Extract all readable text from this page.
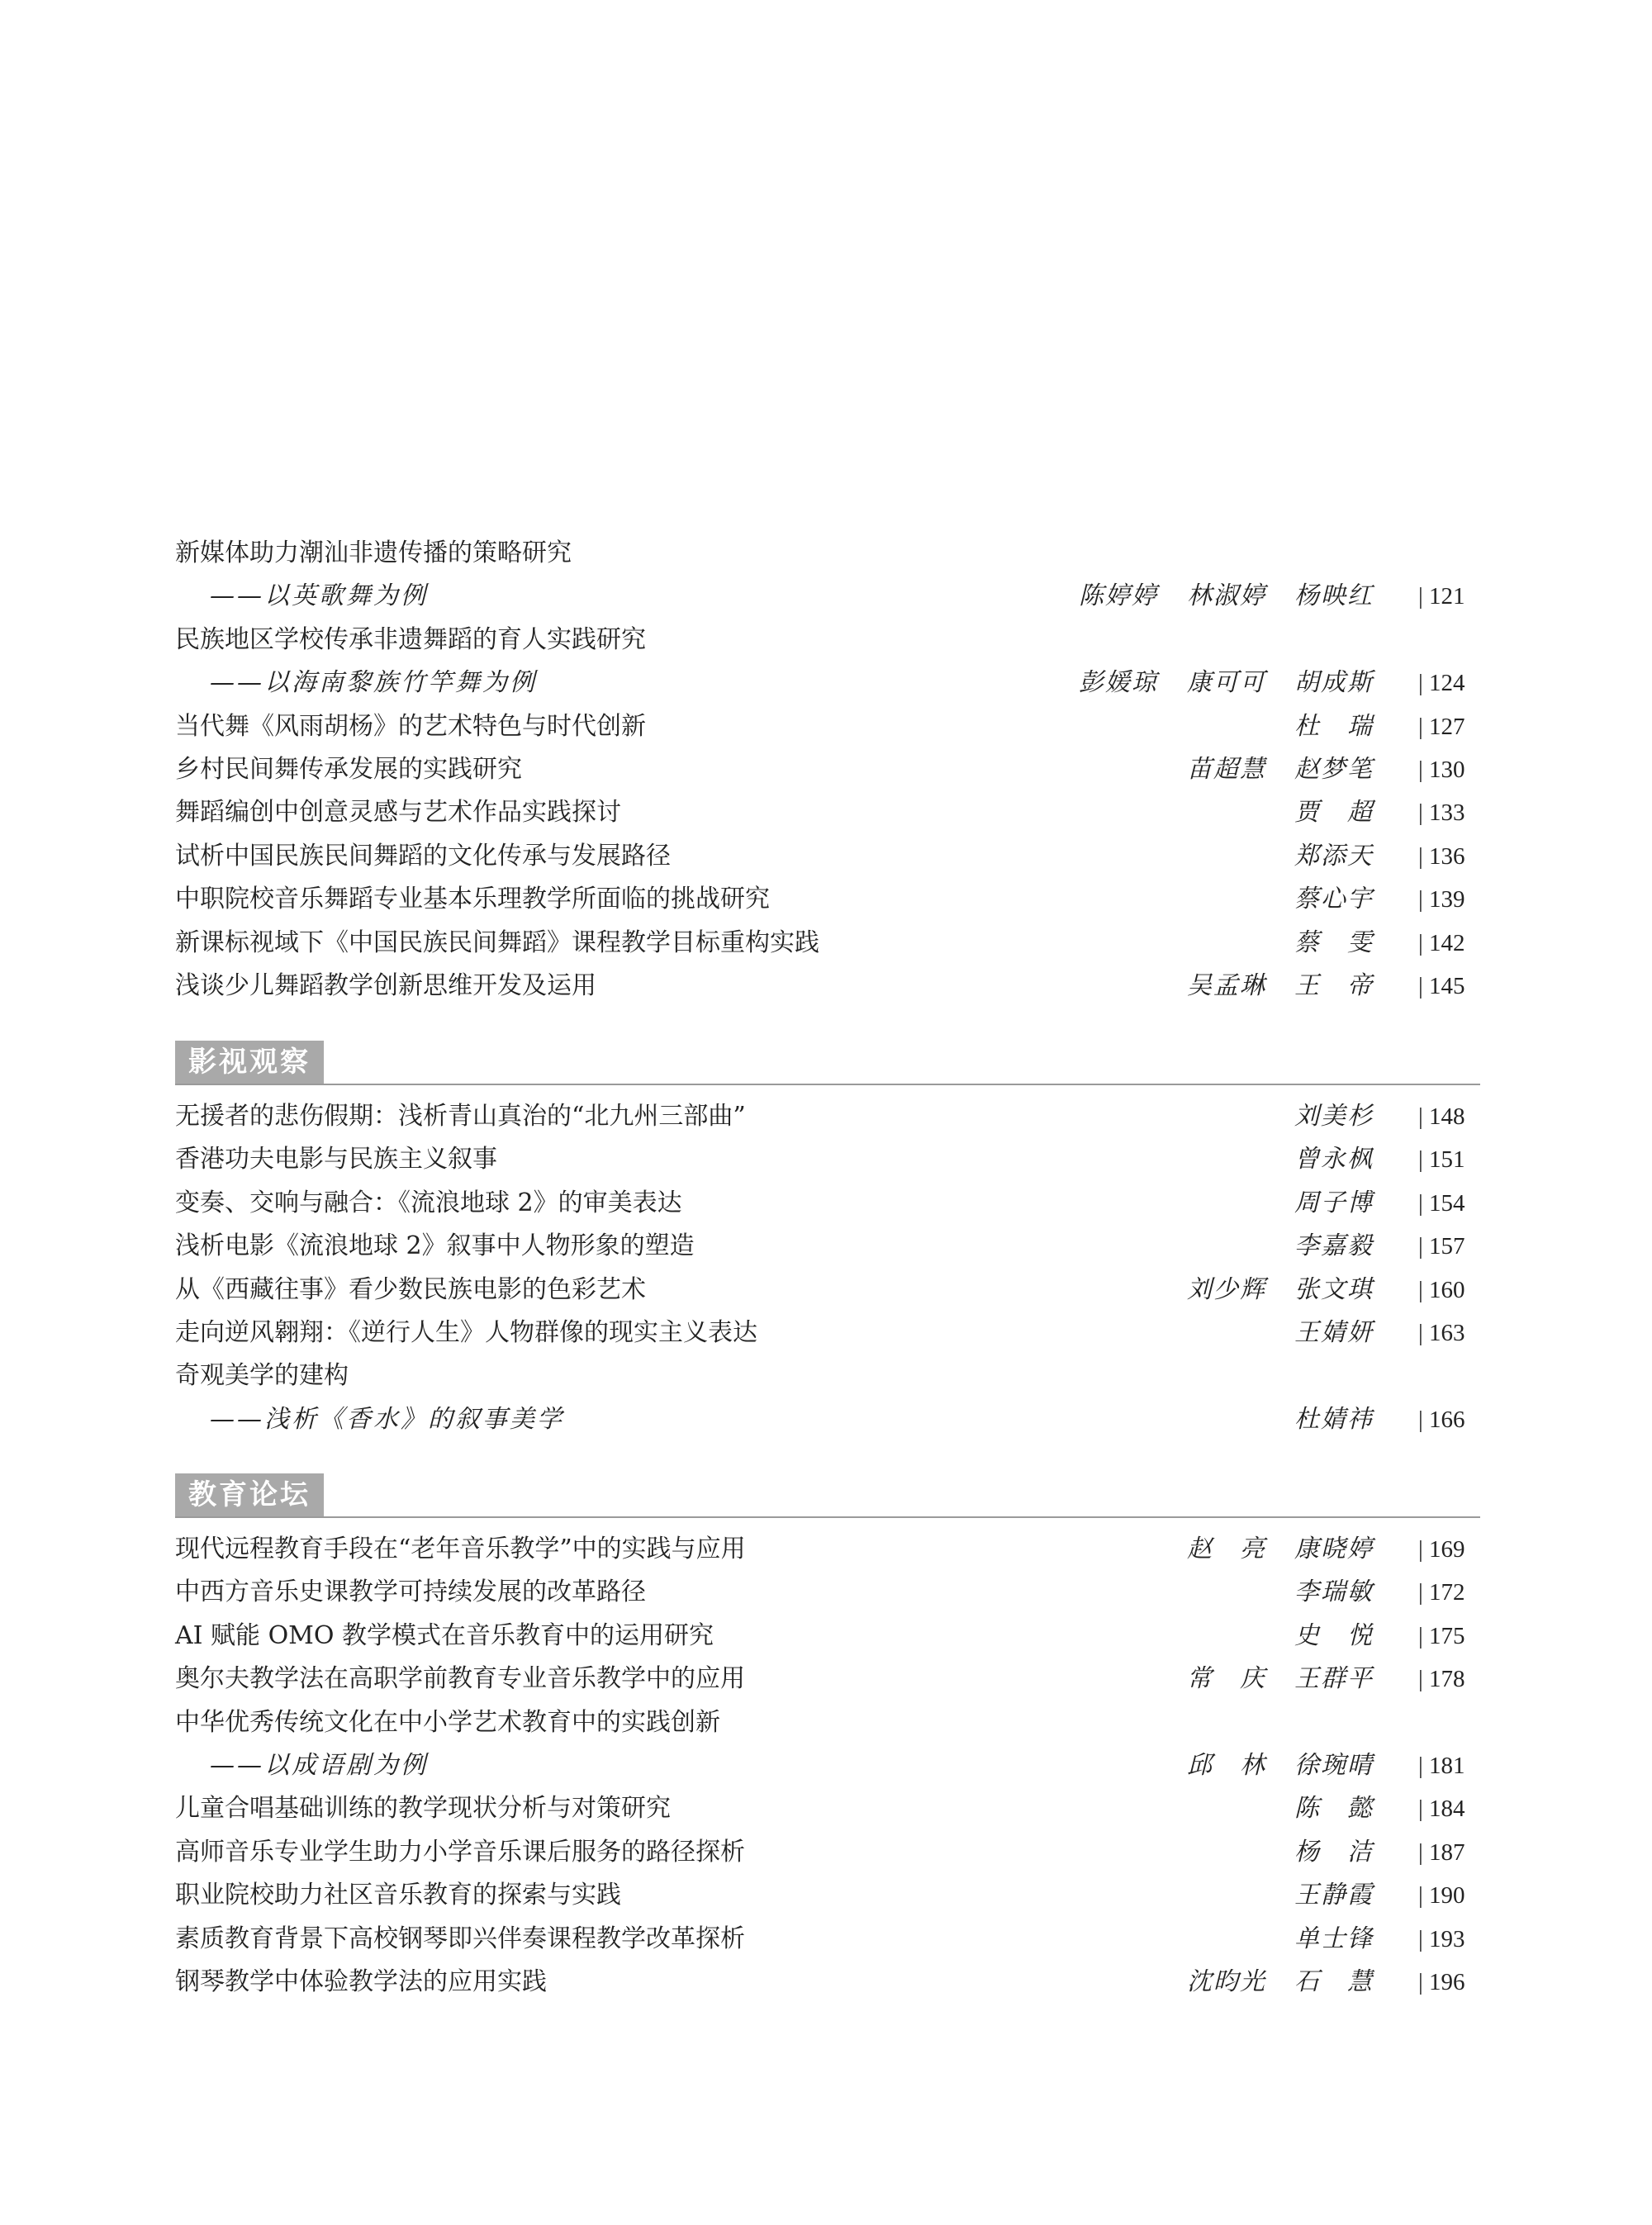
新媒体助力潮汕非遗传播的策略研究
——以英歌舞为例	陈婷婷 林淑婷 杨映红 | 121
民族地区学校传承非遗舞蹈的育人实践研究
——以海南黎族竹竿舞为例	彭媛琼 康可可 胡成斯 | 124
当代舞《风雨胡杨》的艺术特色与时代创新	杜　瑞 | 127
乡村民间舞传承发展的实践研究	苗超慧 赵梦笔 | 130
舞蹈编创中创意灵感与艺术作品实践探讨	贾　超 | 133
试析中国民族民间舞蹈的文化传承与发展路径	郑添天 | 136
中职院校音乐舞蹈专业基本乐理教学所面临的挑战研究	蔡心宇 | 139
新课标视域下《中国民族民间舞蹈》课程教学目标重构实践	蔡　雯 | 142
浅谈少儿舞蹈教学创新思维开发及运用	吴孟琳 王　帝 | 145
影视观察
无援者的悲伤假期：浅析青山真治的“北九州三部曲”	刘美杉 | 148
香港功夫电影与民族主义叙事	曾永枫 | 151
变奏、交响与融合：《流浪地球 2》的审美表达	周子博 | 154
浅析电影《流浪地球 2》叙事中人物形象的塑造	李嘉毅 | 157
从《西藏往事》看少数民族电影的色彩艺术	刘少辉 张文琪 | 160
走向逆风翱翔：《逆行人生》人物群像的现实主义表达	王婧妍 | 163
奇观美学的建构
——浅析《香水》的叙事美学	杜婧祎 | 166
教育论坛
现代远程教育手段在“老年音乐教学”中的实践与应用	赵　亮 康晓婷 | 169
中西方音乐史课教学可持续发展的改革路径	李瑞敏 | 172
AI 赋能 OMO 教学模式在音乐教育中的运用研究	史　悦 | 175
奥尔夫教学法在高职学前教育专业音乐教学中的应用	常　庆 王群平 | 178
中华优秀传统文化在中小学艺术教育中的实践创新
——以成语剧为例	邱　林 徐琬晴 | 181
儿童合唱基础训练的教学现状分析与对策研究	陈　懿 | 184
高师音乐专业学生助力小学音乐课后服务的路径探析	杨　洁 | 187
职业院校助力社区音乐教育的探索与实践	王静霞 | 190
素质教育背景下高校钢琴即兴伴奏课程教学改革探析	单士锋 | 193
钢琴教学中体验教学法的应用实践	沈昀光 石　慧 | 196
